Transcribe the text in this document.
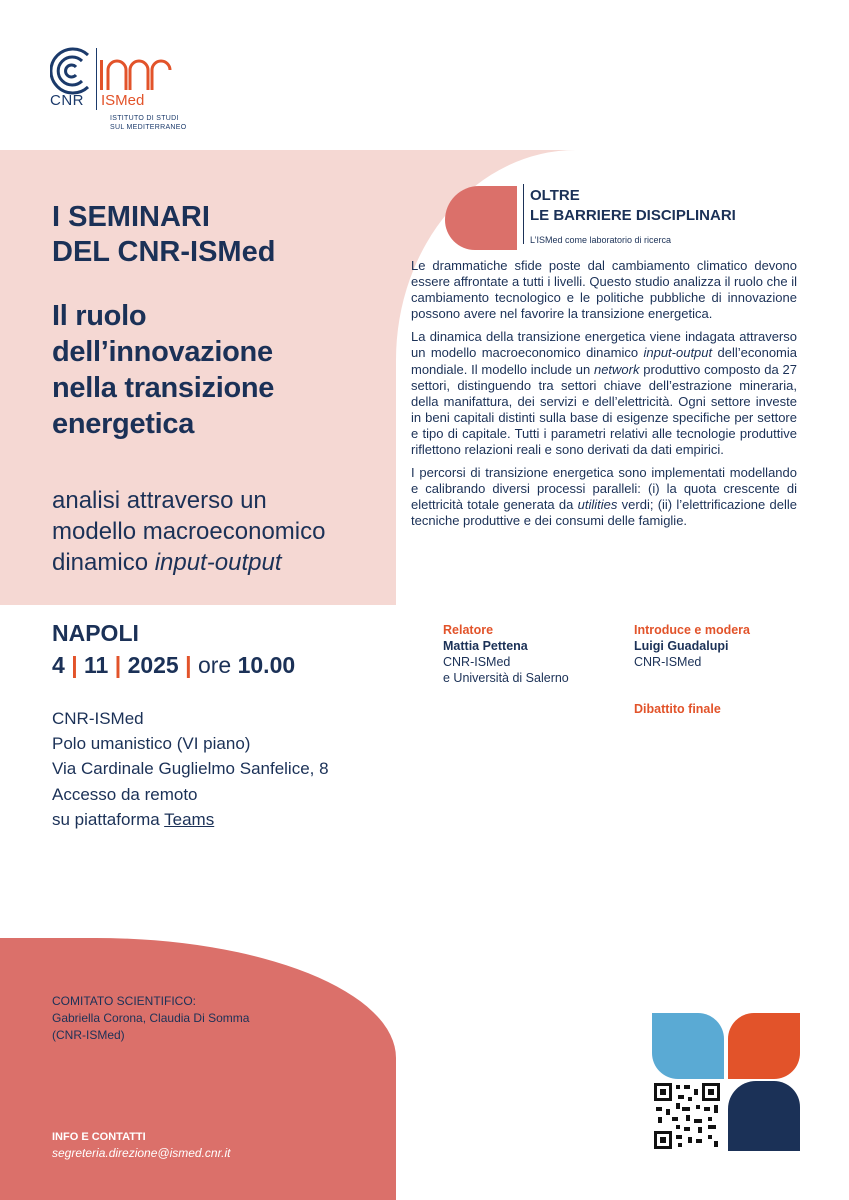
CNR ISMed
ISTITUTO DI STUDI
SUL MEDITERRANEO
I SEMINARI
DEL CNR-ISMed
Il ruolo
dell’innovazione
nella transizione
energetica
analisi attraverso un
modello macroeconomico
dinamico input-output
NAPOLI
4 | 11 | 2025 | ore 10.00
CNR-ISMed
Polo umanistico (VI piano)
Via Cardinale Guglielmo Sanfelice, 8
Accesso da remoto
su piattaforma Teams
COMITATO SCIENTIFICO:
Gabriella Corona, Claudia Di Somma
(CNR-ISMed)
INFO E CONTATTI
segreteria.direzione@ismed.cnr.it
OLTRE
LE BARRIERE DISCIPLINARI
L’ISMed come laboratorio di ricerca

Le drammatiche sfide poste dal cambiamento climatico devono essere affrontate a tutti i livelli. Questo studio analizza il ruolo che il cambiamento tecnologico e le politiche pubbliche di innovazione possono avere nel favorire la transizione energetica.

La dinamica della transizione energetica viene indagata attraverso un modello macroeconomico dinamico input-output dell’economia mondiale. Il modello include un network produttivo composto da 27 settori, distinguendo tra settori chiave dell’estrazione mineraria, della manifattura, dei servizi e dell’elettricità. Ogni settore investe in beni capitali distinti sulla base di esigenze specifiche per settore e tipo di capitale. Tutti i parametri relativi alle tecnologie produttive riflettono relazioni reali e sono derivati da dati empirici.

I percorsi di transizione energetica sono implementati modellando e calibrando diversi processi paralleli: (i) la quota crescente di elettricità totale generata da utilities verdi; (ii) l’elettrificazione delle tecniche produttive e dei consumi delle famiglie.

Relatore
Mattia Pettena
CNR-ISMed
e Università di Salerno
Introduce e modera
Luigi Guadalupi
CNR-ISMed
Dibattito finale
